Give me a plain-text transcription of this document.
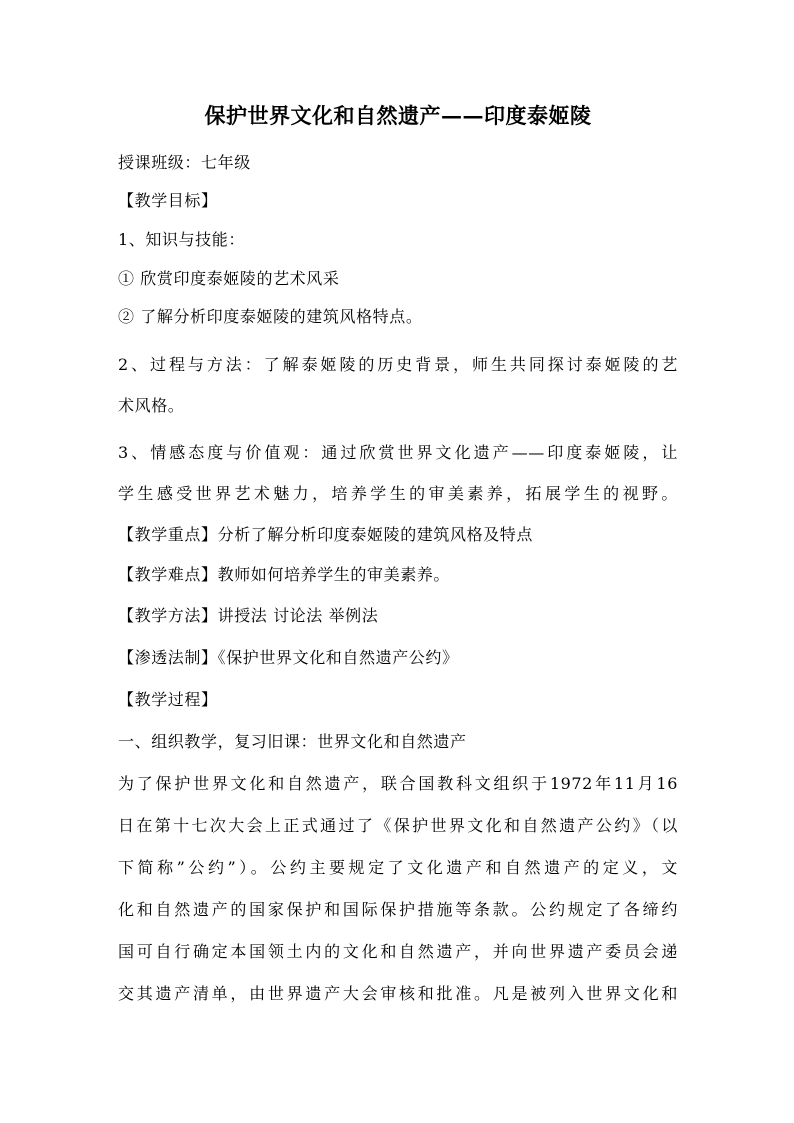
保护世界文化和自然遗产——印度泰姬陵
授课班级：七年级
【教学目标】
1、知识与技能：
① 欣赏印度泰姬陵的艺术风采
② 了解分析印度泰姬陵的建筑风格特点。
2、过程与方法：了解泰姬陵的历史背景，师生共同探讨泰姬陵的艺
术风格。
3、情感态度与价值观：通过欣赏世界文化遗产——印度泰姬陵，让
学生感受世界艺术魅力，培养学生的审美素养，拓展学生的视野。
【教学重点】分析了解分析印度泰姬陵的建筑风格及特点
【教学难点】教师如何培养学生的审美素养。
【教学方法】讲授法 讨论法 举例法
【渗透法制】《保护世界文化和自然遗产公约》
【教学过程】
一、组织教学，复习旧课：世界文化和自然遗产
为了保护世界文化和自然遗产，联合国教科文组织于1972年11月16
日在第十七次大会上正式通过了《保护世界文化和自然遗产公约》（以
下简称”公约”）。公约主要规定了文化遗产和自然遗产的定义，文
化和自然遗产的国家保护和国际保护措施等条款。公约规定了各缔约
国可自行确定本国领土内的文化和自然遗产，并向世界遗产委员会递
交其遗产清单，由世界遗产大会审核和批准。凡是被列入世界文化和
